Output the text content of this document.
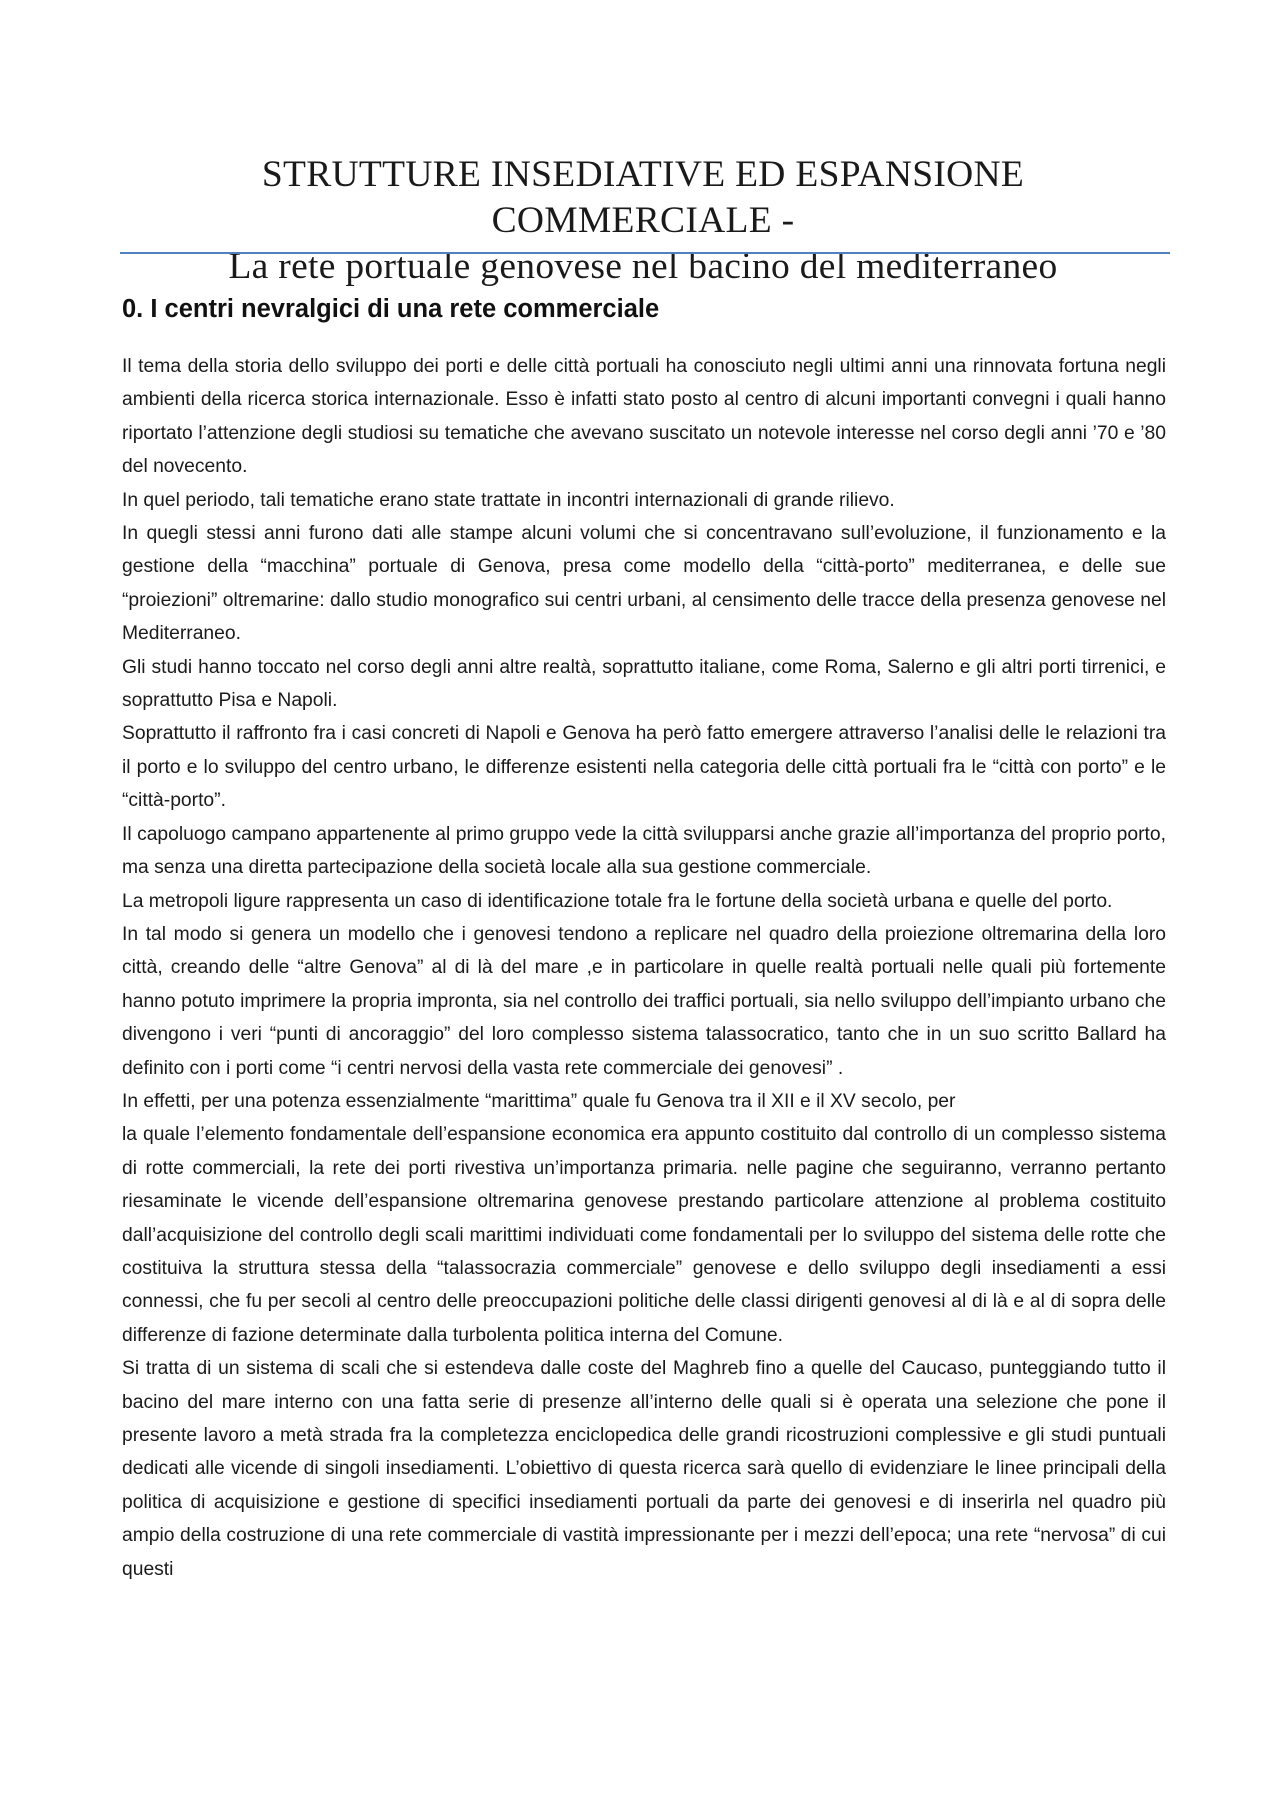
STRUTTURE INSEDIATIVE ED ESPANSIONE COMMERCIALE -
La rete portuale genovese nel bacino del mediterraneo
0. I centri nevralgici di una rete commerciale

Il tema della storia dello sviluppo dei porti e delle città portuali ha conosciuto negli ultimi anni una rinnovata fortuna negli ambienti della ricerca storica internazionale. Esso è infatti stato posto al centro di alcuni importanti convegni i quali hanno riportato l’attenzione degli studiosi su tematiche che avevano suscitato un notevole interesse nel corso degli anni ’70 e ’80 del novecento.

In quel periodo, tali tematiche erano state trattate in incontri internazionali di grande rilievo.

In quegli stessi anni furono dati alle stampe alcuni volumi che si concentravano sull’evoluzione, il funzionamento e la gestione della “macchina” portuale di Genova, presa come modello della “città-porto” mediterranea, e delle sue “proiezioni” oltremarine: dallo studio monografico sui centri urbani, al censimento delle tracce della presenza genovese nel Mediterraneo.

Gli studi hanno toccato nel corso degli anni altre realtà, soprattutto italiane, come Roma, Salerno e gli altri porti tirrenici, e soprattutto Pisa e Napoli.

Soprattutto il raffronto fra i casi concreti di Napoli e Genova ha però fatto emergere attraverso l’analisi delle le relazioni tra il porto e lo sviluppo del centro urbano, le differenze esistenti nella categoria delle città portuali fra le “città con porto” e le “città-porto”.

Il capoluogo campano appartenente al primo gruppo vede la città svilupparsi anche grazie all’importanza del proprio porto, ma senza una diretta partecipazione della società locale alla sua gestione commerciale.

La metropoli ligure rappresenta un caso di identificazione totale fra le fortune della società urbana e quelle del porto.

In tal modo si genera un modello che i genovesi tendono a replicare nel quadro della proiezione oltremarina della loro città, creando delle “altre Genova” al di là del mare ,e in particolare in quelle realtà portuali nelle quali più fortemente hanno potuto imprimere la propria impronta, sia nel controllo dei traffici portuali, sia nello sviluppo dell’impianto urbano che divengono i veri “punti di ancoraggio” del loro complesso sistema talassocratico, tanto che in un suo scritto Ballard ha definito con i porti come “i centri nervosi della vasta rete commerciale dei genovesi” .

In effetti, per una potenza essenzialmente “marittima” quale fu Genova tra il XII e il XV secolo, per

la quale l’elemento fondamentale dell’espansione economica era appunto costituito dal controllo di un complesso sistema di rotte commerciali, la rete dei porti rivestiva un’importanza primaria. nelle pagine che seguiranno, verranno pertanto riesaminate le vicende dell’espansione oltremarina genovese prestando particolare attenzione al problema costituito dall’acquisizione del controllo degli scali marittimi individuati come fondamentali per lo sviluppo del sistema delle rotte che costituiva la struttura stessa della “talassocrazia commerciale” genovese e dello sviluppo degli insediamenti a essi connessi, che fu per secoli al centro delle preoccupazioni politiche delle classi dirigenti genovesi al di là e al di sopra delle differenze di fazione determinate dalla turbolenta politica interna del Comune.

Si tratta di un sistema di scali che si estendeva dalle coste del Maghreb fino a quelle del Caucaso, punteggiando tutto il bacino del mare interno con una fatta serie di presenze all’interno delle quali si è operata una selezione che pone il presente lavoro a metà strada fra la completezza enciclopedica delle grandi ricostruzioni complessive e gli studi puntuali dedicati alle vicende di singoli insediamenti. L’obiettivo di questa ricerca sarà quello di evidenziare le linee principali della politica di acquisizione e gestione di specifici insediamenti portuali da parte dei genovesi e di inserirla nel quadro più ampio della costruzione di una rete commerciale di vastità impressionante per i mezzi dell’epoca; una rete “nervosa” di cui questi
